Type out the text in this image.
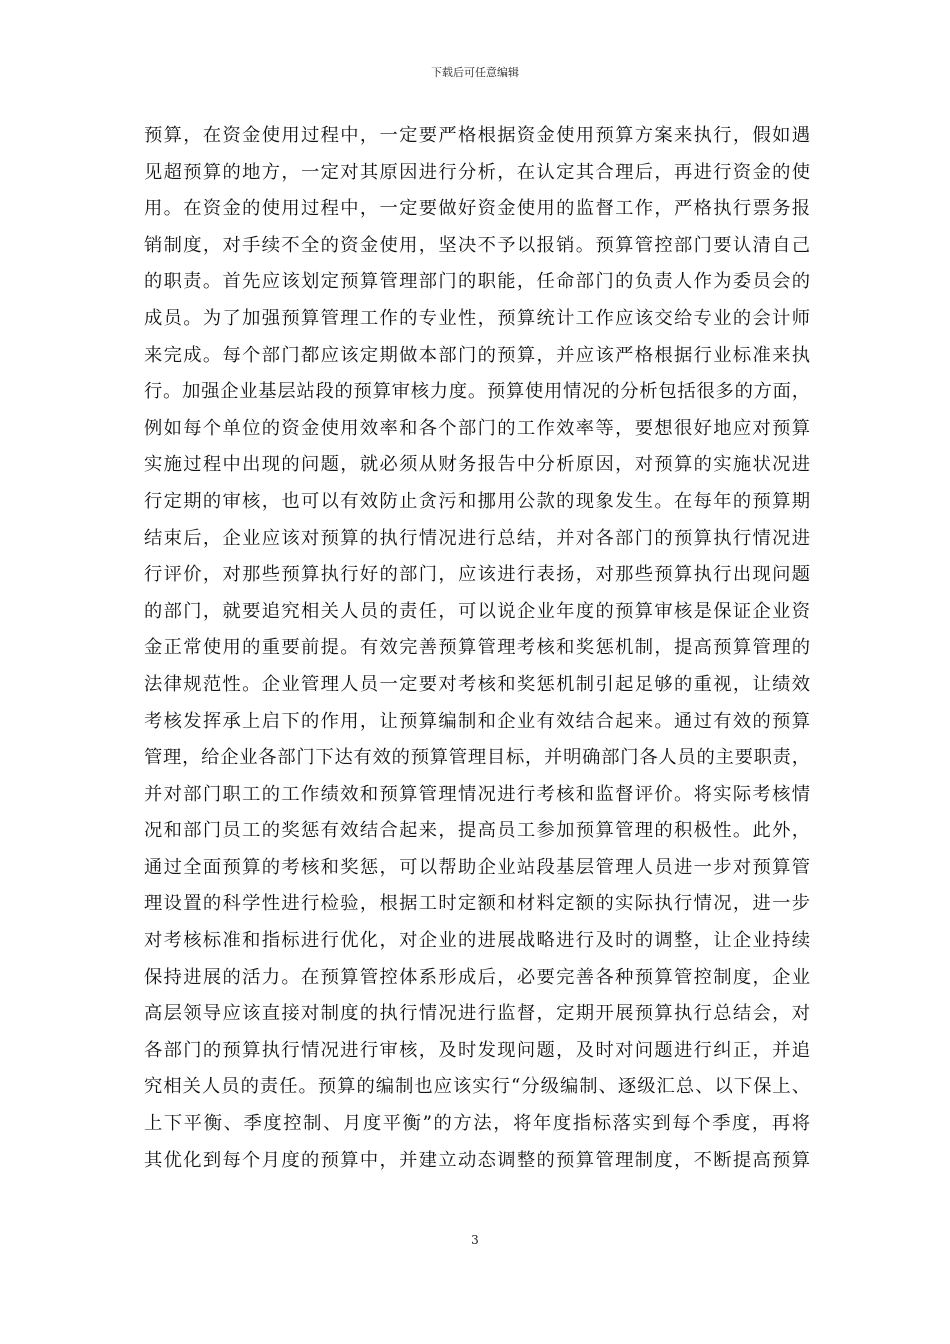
下载后可任意编辑
预算，在资金使用过程中，一定要严格根据资金使用预算方案来执行，假如遇
见超预算的地方，一定对其原因进行分析，在认定其合理后，再进行资金的使
用。在资金的使用过程中，一定要做好资金使用的监督工作，严格执行票务报
销制度，对手续不全的资金使用，坚决不予以报销。预算管控部门要认清自己
的职责。首先应该划定预算管理部门的职能，任命部门的负责人作为委员会的
成员。为了加强预算管理工作的专业性，预算统计工作应该交给专业的会计师
来完成。每个部门都应该定期做本部门的预算，并应该严格根据行业标准来执
行。加强企业基层站段的预算审核力度。预算使用情况的分析包括很多的方面，
例如每个单位的资金使用效率和各个部门的工作效率等，要想很好地应对预算
实施过程中出现的问题，就必须从财务报告中分析原因，对预算的实施状况进
行定期的审核，也可以有效防止贪污和挪用公款的现象发生。在每年的预算期
结束后，企业应该对预算的执行情况进行总结，并对各部门的预算执行情况进
行评价，对那些预算执行好的部门，应该进行表扬，对那些预算执行出现问题
的部门，就要追究相关人员的责任，可以说企业年度的预算审核是保证企业资
金正常使用的重要前提。有效完善预算管理考核和奖惩机制，提高预算管理的
法律规范性。企业管理人员一定要对考核和奖惩机制引起足够的重视，让绩效
考核发挥承上启下的作用，让预算编制和企业有效结合起来。通过有效的预算
管理，给企业各部门下达有效的预算管理目标，并明确部门各人员的主要职责，
并对部门职工的工作绩效和预算管理情况进行考核和监督评价。将实际考核情
况和部门员工的奖惩有效结合起来，提高员工参加预算管理的积极性。此外，
通过全面预算的考核和奖惩，可以帮助企业站段基层管理人员进一步对预算管
理设置的科学性进行检验，根据工时定额和材料定额的实际执行情况，进一步
对考核标准和指标进行优化，对企业的进展战略进行及时的调整，让企业持续
保持进展的活力。在预算管控体系形成后，必要完善各种预算管控制度，企业
高层领导应该直接对制度的执行情况进行监督，定期开展预算执行总结会，对
各部门的预算执行情况进行审核，及时发现问题，及时对问题进行纠正，并追
究相关人员的责任。预算的编制也应该实行“分级编制、逐级汇总、以下保上、
上下平衡、季度控制、月度平衡”的方法，将年度指标落实到每个季度，再将
其优化到每个月度的预算中，并建立动态调整的预算管理制度，不断提高预算
3
